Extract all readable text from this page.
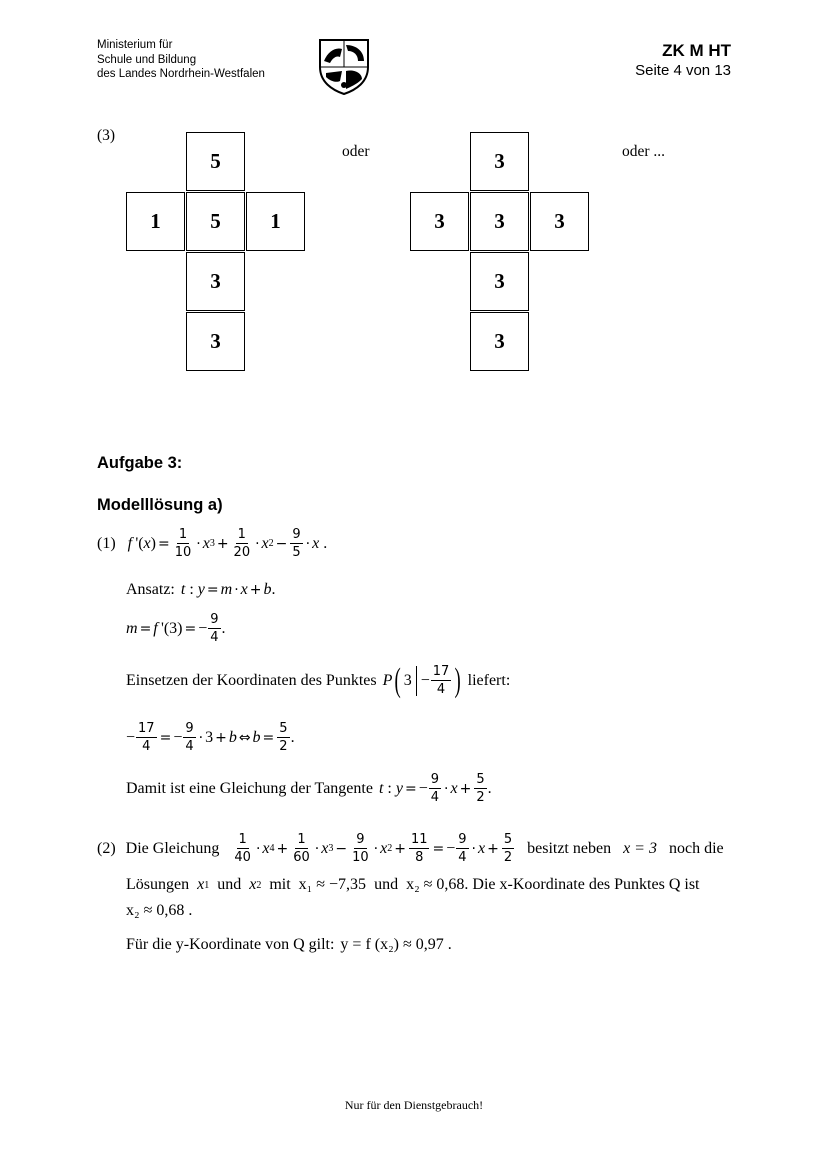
Ministerium für
Schule und Bildung
des Landes Nordrhein-Westfalen
ZK M HT
Seite 4 von 13
(3)
5
1	5	1
3
3
oder	3
3	3	3
3
3
oder ...
Aufgabe 3:
Modelllösung a)
(1) f  '( x ) = $\frac{1}{10} \cdot x$ $3 + \frac{1}{20} \cdot x$ $2 - \frac{9}{5} \cdot x$ .
Ansatz: t : y = m · x + b .
m = f  '(3) = − $\frac{9}{4}$ .
Einsetzen der Koordinaten des Punktes P ( 3 − 17
4 ) liefert:
− $\frac{17}{4}$ = − $\frac{9}{4} \cdot 3 + b$ ⇔ $b = \frac{5}{2}$ .
Damit ist eine Gleichung der Tangente t : y = − $\frac{9}{4} \cdot x + \frac{5}{2}$ .
(2) Die Gleichung 1
40
· x $4 + \frac{1}{60} \cdot x$ $3 - \frac{9}{10} \cdot x$ $2 + \frac{11}{8}$ = − $\frac{9}{4} \cdot x + \frac{5}{2}$ besitzt neben x = 3 noch die
Lösungen
x 1
und
x 2
mit
x₁ ≈ −7,35
und
x₂ ≈ 0,68 . Die x-Koordinate des Punktes Q ist
x₂ ≈ 0,68 .
Für die y-Koordinate von Q gilt: y = f (x₂) ≈ 0,97 .
Nur für den Dienstgebrauch!
